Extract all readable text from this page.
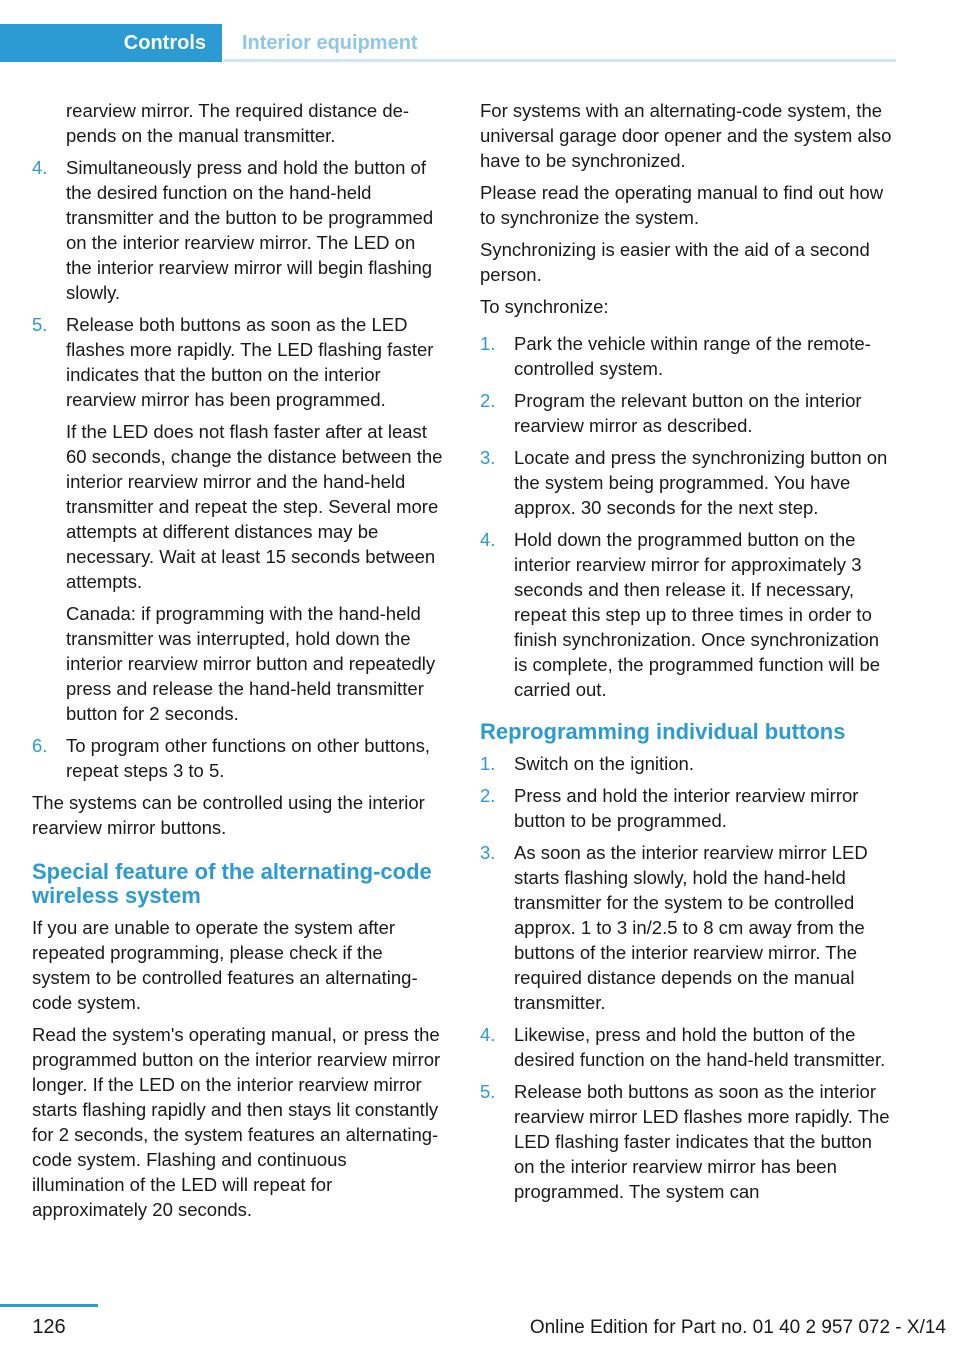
Controls	Interior equipment

rearview mirror. The required distance depends on the manual transmitter.

4. Simultaneously press and hold the button of the desired function on the hand-held transmitter and the button to be programmed on the interior rearview mirror. The LED on the interior rearview mirror will begin flashing slowly.

5. Release both buttons as soon as the LED flashes more rapidly. The LED flashing faster indicates that the button on the interior rearview mirror has been programmed.

If the LED does not flash faster after at least 60 seconds, change the distance between the interior rearview mirror and the hand-held transmitter and repeat the step. Several more attempts at different distances may be necessary. Wait at least 15 seconds between attempts.

Canada: if programming with the hand-held transmitter was interrupted, hold down the interior rearview mirror button and repeatedly press and release the hand-held transmitter button for 2 seconds.

6. To program other functions on other buttons, repeat steps 3 to 5.

The systems can be controlled using the interior rearview mirror buttons.

Special feature of the alternating-code wireless system

If you are unable to operate the system after repeated programming, please check if the system to be controlled features an alternating-code system.

Read the system's operating manual, or press the programmed button on the interior rearview mirror longer. If the LED on the interior rearview mirror starts flashing rapidly and then stays lit constantly for 2 seconds, the system features an alternating-code system. Flashing and continuous illumination of the LED will repeat for approximately 20 seconds.

For systems with an alternating-code system, the universal garage door opener and the system also have to be synchronized.

Please read the operating manual to find out how to synchronize the system.

Synchronizing is easier with the aid of a second person.

To synchronize:

1. Park the vehicle within range of the remote-controlled system.
2. Program the relevant button on the interior rearview mirror as described.
3. Locate and press the synchronizing button on the system being programmed. You have approx. 30 seconds for the next step.
4. Hold down the programmed button on the interior rearview mirror for approximately 3 seconds and then release it. If necessary, repeat this step up to three times in order to finish synchronization. Once synchronization is complete, the programmed function will be carried out.
Reprogramming individual buttons
1. Switch on the ignition.
2. Press and hold the interior rearview mirror button to be programmed.
3. As soon as the interior rearview mirror LED starts flashing slowly, hold the hand-held transmitter for the system to be controlled approx. 1 to 3 in/2.5 to 8 cm away from the buttons of the interior rearview mirror. The required distance depends on the manual transmitter.
4. Likewise, press and hold the button of the desired function on the hand-held transmitter.
5. Release both buttons as soon as the interior rearview mirror LED flashes more rapidly. The LED flashing faster indicates that the button on the interior rearview mirror has been programmed. The system can
126	Online Edition for Part no. 01 40 2 957 072 - X/14
